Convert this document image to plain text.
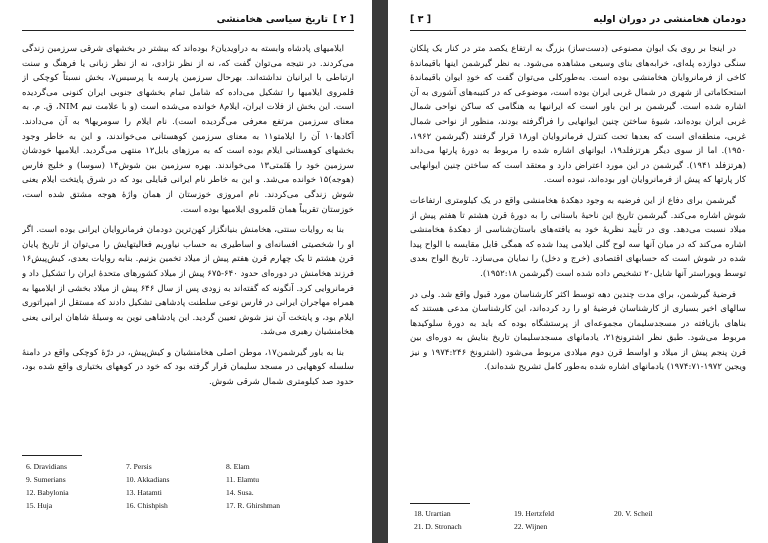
[ ۲ ]
تاریخ سیاسی هخامنشی

ایلامیهای پادشاه وابسته به دراویدیان۶ بوده‌اند که بیشتر در بخشهای شرقی سرزمین زندگی می‌کردند. در نتیجه می‌توان گفت که، نه از نظر نژادی، نه از نظر زبانی یا فرهنگ و سنت ارتباطی با ایرانیان نداشته‌اند. بهرحال سرزمین پارسه یا پرسیس۷، بخش نسبتاً کوچکی از قلمروی ایلامیها را تشکیل می‌داده که شامل تمام بخشهای جنوبی ایران کنونی می‌گردیده است. این بخش از فلات ایران، ایلام۸ خوانده می‌شده است (و با علامت نیم NIM، ق. م. به معنای سرزمین مرتفع معرفی می‌گردیده است). نام ایلام را سومریها۹ به آن می‌دادند. آکادها۱۰ آن را ایلامتو۱۱ به معنای سرزمین کوهستانی می‌خواندند، و این به خاطر وجود بخشهای کوهستانی ایلام بوده است که به مرزهای بابل۱۲ منتهی می‌گردید. ایلامیها خودشان سرزمین خود را هَتَمتی۱۳ می‌خواندند. بهره سرزمین بین شوش۱۴ (سوسا) و خلیج فارس (هوجه)۱۵ خوانده می‌شد. و این به خاطر نام ایرانی قبایلی بود که در شرق پایتخت ایلام یعنی شوش زندگی می‌کردند. نام امروزی خوزستان از همان واژهٔ هوجه مشتق شده است، خوزستان تقریباً همان قلمروی ایلامیها بوده است.

بنا به روایات سنتی، هخامنش بنیانگزار کهن‌ترین دودمان فرمانروایان ایرانی بوده است. اگر او را شخصیتی افسانه‌ای و اساطیری به حساب نیاوریم فعالیتهایش را می‌توان از تاریخ پایان قرن هشتم تا یک چهارم قرن هفتم پیش از میلاد تخمین بزنیم. بنابه روایات بعدی، کیش‌پیش۱۶ فرزند هخامنش در دوره‌ای حدود ۶۴۰-۶۷۵ پیش از میلاد کشورهای متحدهٔ ایران را تشکیل داد و فرمانروایی کرد. آنگونه که گفته‌اند به زودی پس از سال ۶۴۶ پیش از میلاد بخشی از ایلامیها به همراه مهاجران ایرانی در فارس نوعی سلطنت پادشاهی تشکیل دادند که مستقل از امپراتوری ایلام بود، و پایتخت آن نیز شوش تعیین گردید. این پادشاهی نوین به وسیلهٔ شاهان ایرانی یعنی هخامنشیان رهبری می‌شد.

بنا به باور گیرشمن۱۷، موطن اصلی هخامنشیان و کیش‌پیش، در درّهٔ کوچکی واقع در دامنهٔ سلسله کوههایی در مسجد سلیمان قرار گرفته بود که خود در کوههای بختیاری واقع شده بود، حدود صد کیلومتری شمال شرقی شوش.

6. Dravidians	7. Persis	8. Elam
9. Sumerians	10. Akkadians	11. Elamtu
12. Babylonia	13. Hatamti	14. Susa.
15. Huja	16. Chishpish	17. R. Ghirshman
دودمان هخامنشی در دوران اولیه
[ ۳ ]

در اینجا بر روی یک ایوان مصنوعی (دست‌ساز) بزرگ به ارتفاع یکصد متر در کنار یک پلکان سنگی دوازده پله‌ای، خرابه‌های بنای وسیعی مشاهده می‌شود. به نظر گیرشمن اینها باقیماندهٔ کاخی از فرمانروایان هخامنشی بوده است. به‌طورکلی می‌توان گفت که خودِ ایوان باقیماندهٔ استحکاماتی از شهری در شمال غربی ایران بوده است، موضوعی که در کتیبه‌های آشوری به آن اشاره شده است. گیرشمن بر این باور است که ایرانیها به هنگامی که ساکن نواحی شمال غربی ایران بوده‌اند، شیوهٔ ساختن چنین ایوانهایی را فراگرفته بودند، منظور از نواحی شمال غربی، منطقه‌ای است که بعدها تحت کنترل فرمانروایان اور۱۸ قرار گرفتند (گیرشمن ۱۹۶۲، ۱۹۵۰). اما از سوی دیگر هرتزفلد۱۹، ایوانهای اشاره شده را مربوط به دورهٔ پارتها می‌داند (هرتزفلد ۱۹۴۱). گیرشمن در این مورد اعتراض دارد و معتقد است که ساختن چنین ایوانهایی کار پارتها که پیش از فرمانروایان اور بوده‌اند، نبوده است.

گیرشمن برای دفاع از این فرضیه به وجود دهکدهٔ هخامنشی واقع در یک کیلومتری ارتفاعات شوش اشاره می‌کند. گیرشمن تاریخ این ناحیهٔ باستانی را به دورهٔ قرن هشتم تا هفتم پیش از میلاد نسبت می‌دهد. وی در تأیید نظریهٔ خود به یافته‌های باستان‌شناسی از دهکدهٔ هخامنشی اشاره می‌کند که در میان آنها سه لوح گلی ایلامی پیدا شده که همگی قابل مقایسه با الواح پیدا شده در شوش است که حسابهای اقتصادی (خرج و دخل) را نمایان می‌سازد. تاریخ الواح بعدی توسط ویوراستر آنها شایل۲۰ تشخیص داده شده است (گیرشمن ۱۹۵۲:۱۸).

فرضیهٔ گیرشمن، برای مدت چندین دهه توسط اکثر کارشناسان مورد قبول واقع شد. ولی در سالهای اخیر بسیاری از کارشناسان فرضیهٔ او را رد کرده‌اند، این کارشناسان مدعی هستند که بناهای بازیافته در مسجدسلیمان مجموعه‌ای از پرستشگاه بوده که باید به دورهٔ سلوکیدها مربوط می‌شود. طبق نظر اشترونخ۲۱، یادمانهای مسجدسلیمان تاریخ بنایش به دوره‌ای بین قرن پنجم پیش از میلاد و اواسط قرن دوم میلادی مربوط می‌شود (اشترونخ ۱۹۷۴:۲۴۶ و نیز ویجین ۱۹۷۲-۱۹۷۴:۷۱) یادمانهای اشاره شده به‌طور کامل تشریح شده‌اند).

18. Urartian	19. Hertzfeld	20. V. Scheil
21. D. Stronach	22. Wijnen
